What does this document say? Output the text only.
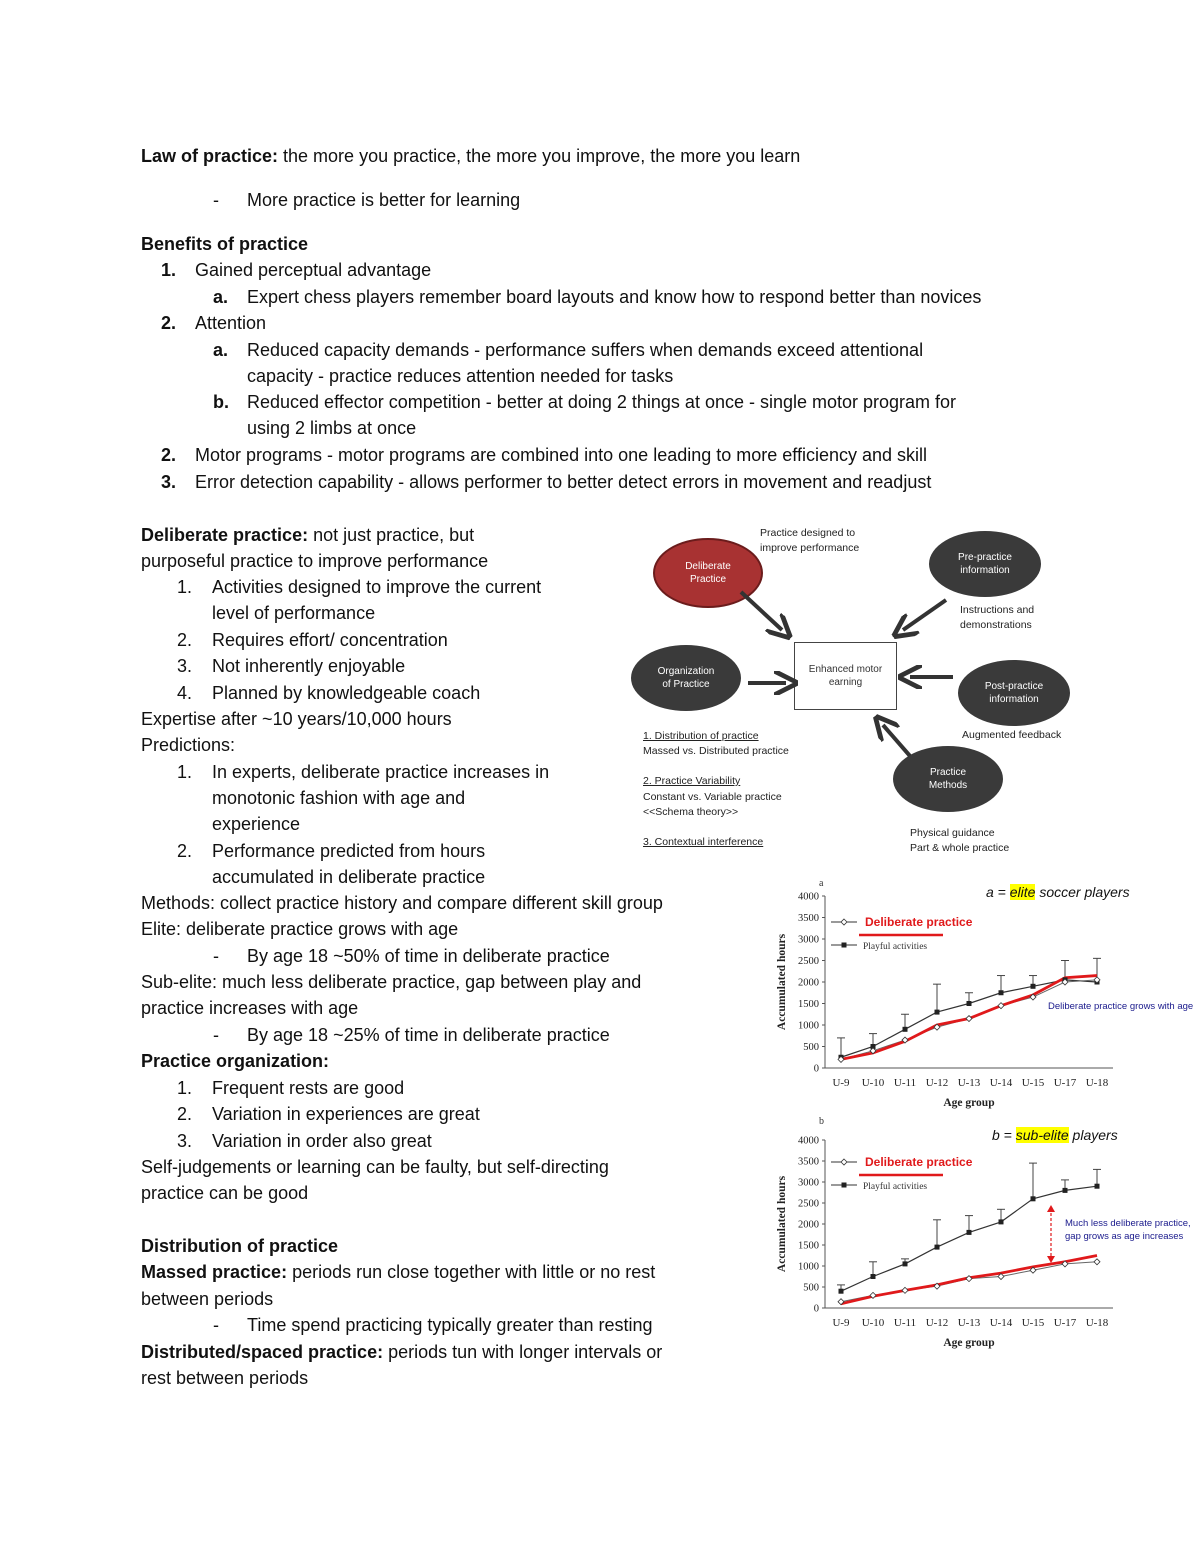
Law of practice: the more you practice, the more you improve, the more you learn
- More practice is better for learning
Benefits of practice
1. Gained perceptual advantage
a. Expert chess players remember board layouts and know how to respond better than novices
2. Attention
a. Reduced capacity demands - performance suffers when demands exceed attentional
capacity - practice reduces attention needed for tasks
b. Reduced effector competition - better at doing 2 things at once - single motor program for
using 2 limbs at once
2. Motor programs - motor programs are combined into one leading to more efficiency and skill
3. Error detection capability - allows performer to better detect errors in movement and readjust
Deliberate practice: not just practice, but
purposeful practice to improve performance
1. Activities designed to improve the current
level of performance
2. Requires effort/ concentration
3. Not inherently enjoyable
4. Planned by knowledgeable coach
Expertise after ~10 years/10,000 hours
Predictions:
1. In experts, deliberate practice increases in
monotonic fashion with age and
experience
2. Performance predicted from hours
accumulated in deliberate practice
Methods: collect practice history and compare different skill group
Elite: deliberate practice grows with age
- By age 18 ~50% of time in deliberate practice
Sub-elite: much less deliberate practice, gap between play and
practice increases with age
- By age 18 ~25% of time in deliberate practice
Practice organization:
1. Frequent rests are good
2. Variation in experiences are great
3. Variation in order also great
Self-judgements or learning can be faulty, but self-directing
practice can be good
Distribution of practice
Massed practice: periods run close together with little or no rest
between periods
- Time spend practicing typically greater than resting
Distributed/spaced practice: periods tun with longer intervals or
rest between periods
Deliberate Practice
Practice designed to
improve performance
Pre-practice information
Instructions and
demonstrations
Enhanced motor earning
Organization of Practice	Post-practice information
Augmented feedback
Practice Methods
Physical guidance
Part & whole practice
1. Distribution of practice
Massed vs. Distributed practice
2. Practice Variability
Constant vs. Variable practice
<<Schema theory>>
3. Contextual interference
a = elite soccer players
a
0
500
1000
1500
2000
2500
3000
3500
4000
U-9 U-10 U-11 U-12 U-13 U-14 U-15 U-17 U-18
Age group
Accumulated hours
Deliberate practice
Playful activities
Deliberate practice grows with age
b = sub-elite players
b
0
500
1000
1500
2000
2500
3000
3500
4000
U-9 U-10 U-11 U-12 U-13 U-14 U-15 U-17 U-18
Age group
Accumulated hours
Deliberate practice
Playful activities
Much less deliberate practice,
gap grows as age increases
